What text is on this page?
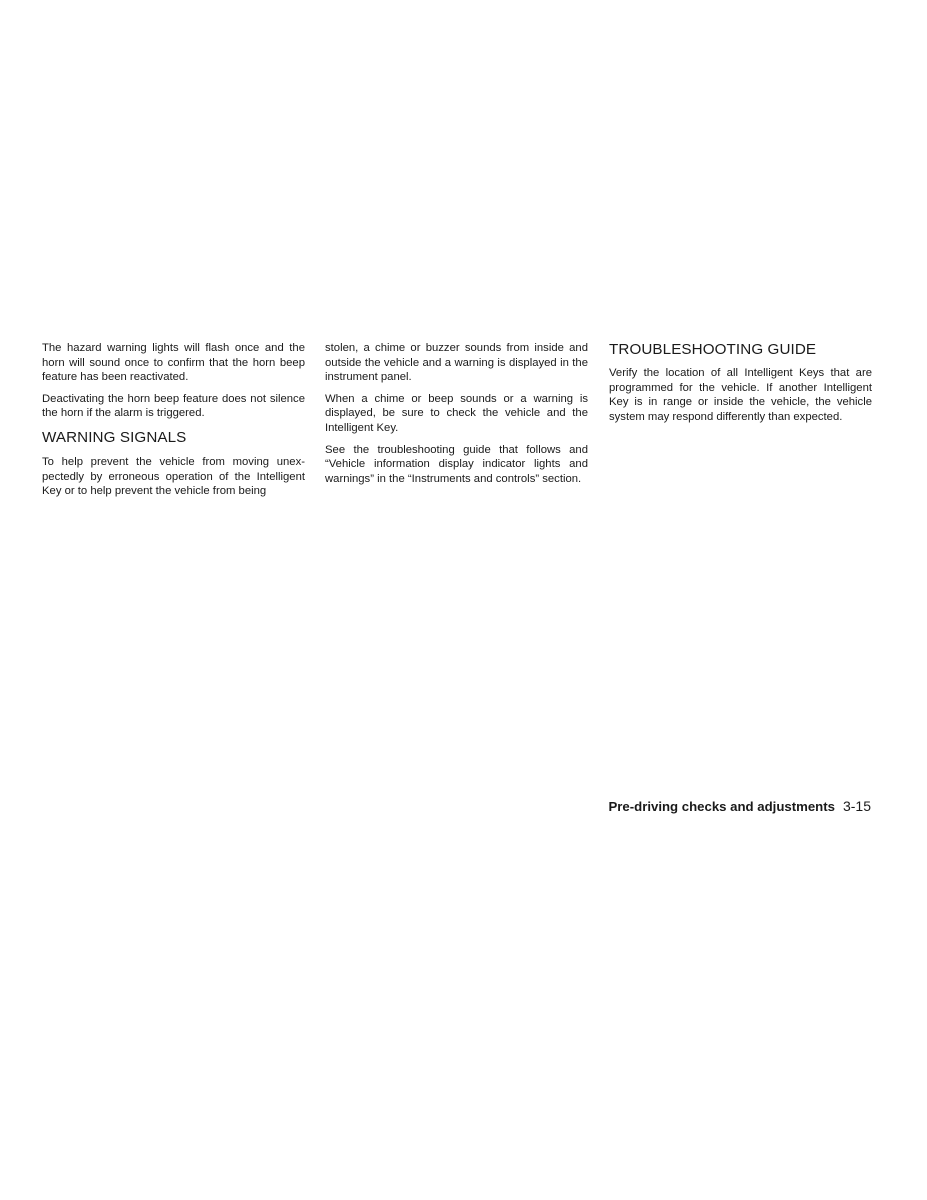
The hazard warning lights will flash once and the horn will sound once to confirm that the horn beep feature has been reactivated.

Deactivating the horn beep feature does not silence the horn if the alarm is triggered.

WARNING SIGNALS

To help prevent the vehicle from moving unexpectedly by erroneous operation of the Intelligent Key or to help prevent the vehicle from being

stolen, a chime or buzzer sounds from inside and outside the vehicle and a warning is displayed in the instrument panel.

When a chime or beep sounds or a warning is displayed, be sure to check the vehicle and the Intelligent Key.

See the troubleshooting guide that follows and “Vehicle information display indicator lights and warnings” in the “Instruments and controls” section.

TROUBLESHOOTING GUIDE

Verify the location of all Intelligent Keys that are programmed for the vehicle. If another Intelligent Key is in range or inside the vehicle, the vehicle system may respond differently than expected.

Pre-driving checks and adjustments 3-15
